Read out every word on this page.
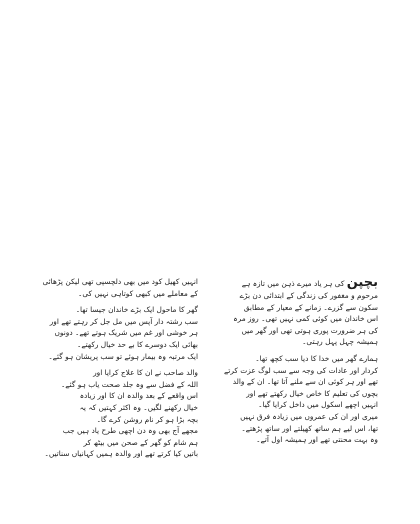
بچپن کی ہر یاد میرے ذہن میں تازہ ہے
مرحوم و مغفور کی زندگی کے ابتدائی دن بڑے
سکون سے گزرے۔ زمانے کے معیار کے مطابق
اس خاندان میں کوئی کمی نہیں تھی۔ روز مرہ
کی ہر ضرورت پوری ہوتی تھی اور گھر میں
ہمیشہ چہل پہل رہتی۔
ہمارے گھر میں خدا کا دیا سب کچھ تھا۔
کردار اور عادات کی وجہ سے سب لوگ عزت کرتے
تھے اور ہر کوئی ان سے ملنے آتا تھا۔ ان کے والد
بچوں کی تعلیم کا خاص خیال رکھتے تھے اور
انہیں اچھے اسکول میں داخل کرایا گیا۔
میری اور ان کی عمروں میں زیادہ فرق نہیں
تھا، اس لیے ہم ساتھ کھیلتے اور ساتھ پڑھتے۔
وہ بہت محنتی تھے اور ہمیشہ اول آتے۔
انہیں کھیل کود میں بھی دلچسپی تھی لیکن پڑھائی
کے معاملے میں کبھی کوتاہی نہیں کی۔
گھر کا ماحول ایک بڑے خاندان جیسا تھا۔
سب رشتہ دار آپس میں مل جل کر رہتے تھے اور
ہر خوشی اور غم میں شریک ہوتے تھے۔ دونوں
بھائی ایک دوسرے کا بے حد خیال رکھتے۔
ایک مرتبہ وہ بیمار ہوئے تو سب پریشان ہو گئے۔
والد صاحب نے ان کا علاج کرایا اور
اللہ کے فضل سے وہ جلد صحت یاب ہو گئے۔
اس واقعے کے بعد والدہ ان کا اور زیادہ
خیال رکھنے لگیں۔ وہ اکثر کہتیں کہ یہ
بچہ بڑا ہو کر نام روشن کرے گا۔
مجھے آج بھی وہ دن اچھی طرح یاد ہیں جب
ہم شام کو گھر کے صحن میں بیٹھ کر
باتیں کیا کرتے تھے اور والدہ ہمیں کہانیاں سناتیں۔
